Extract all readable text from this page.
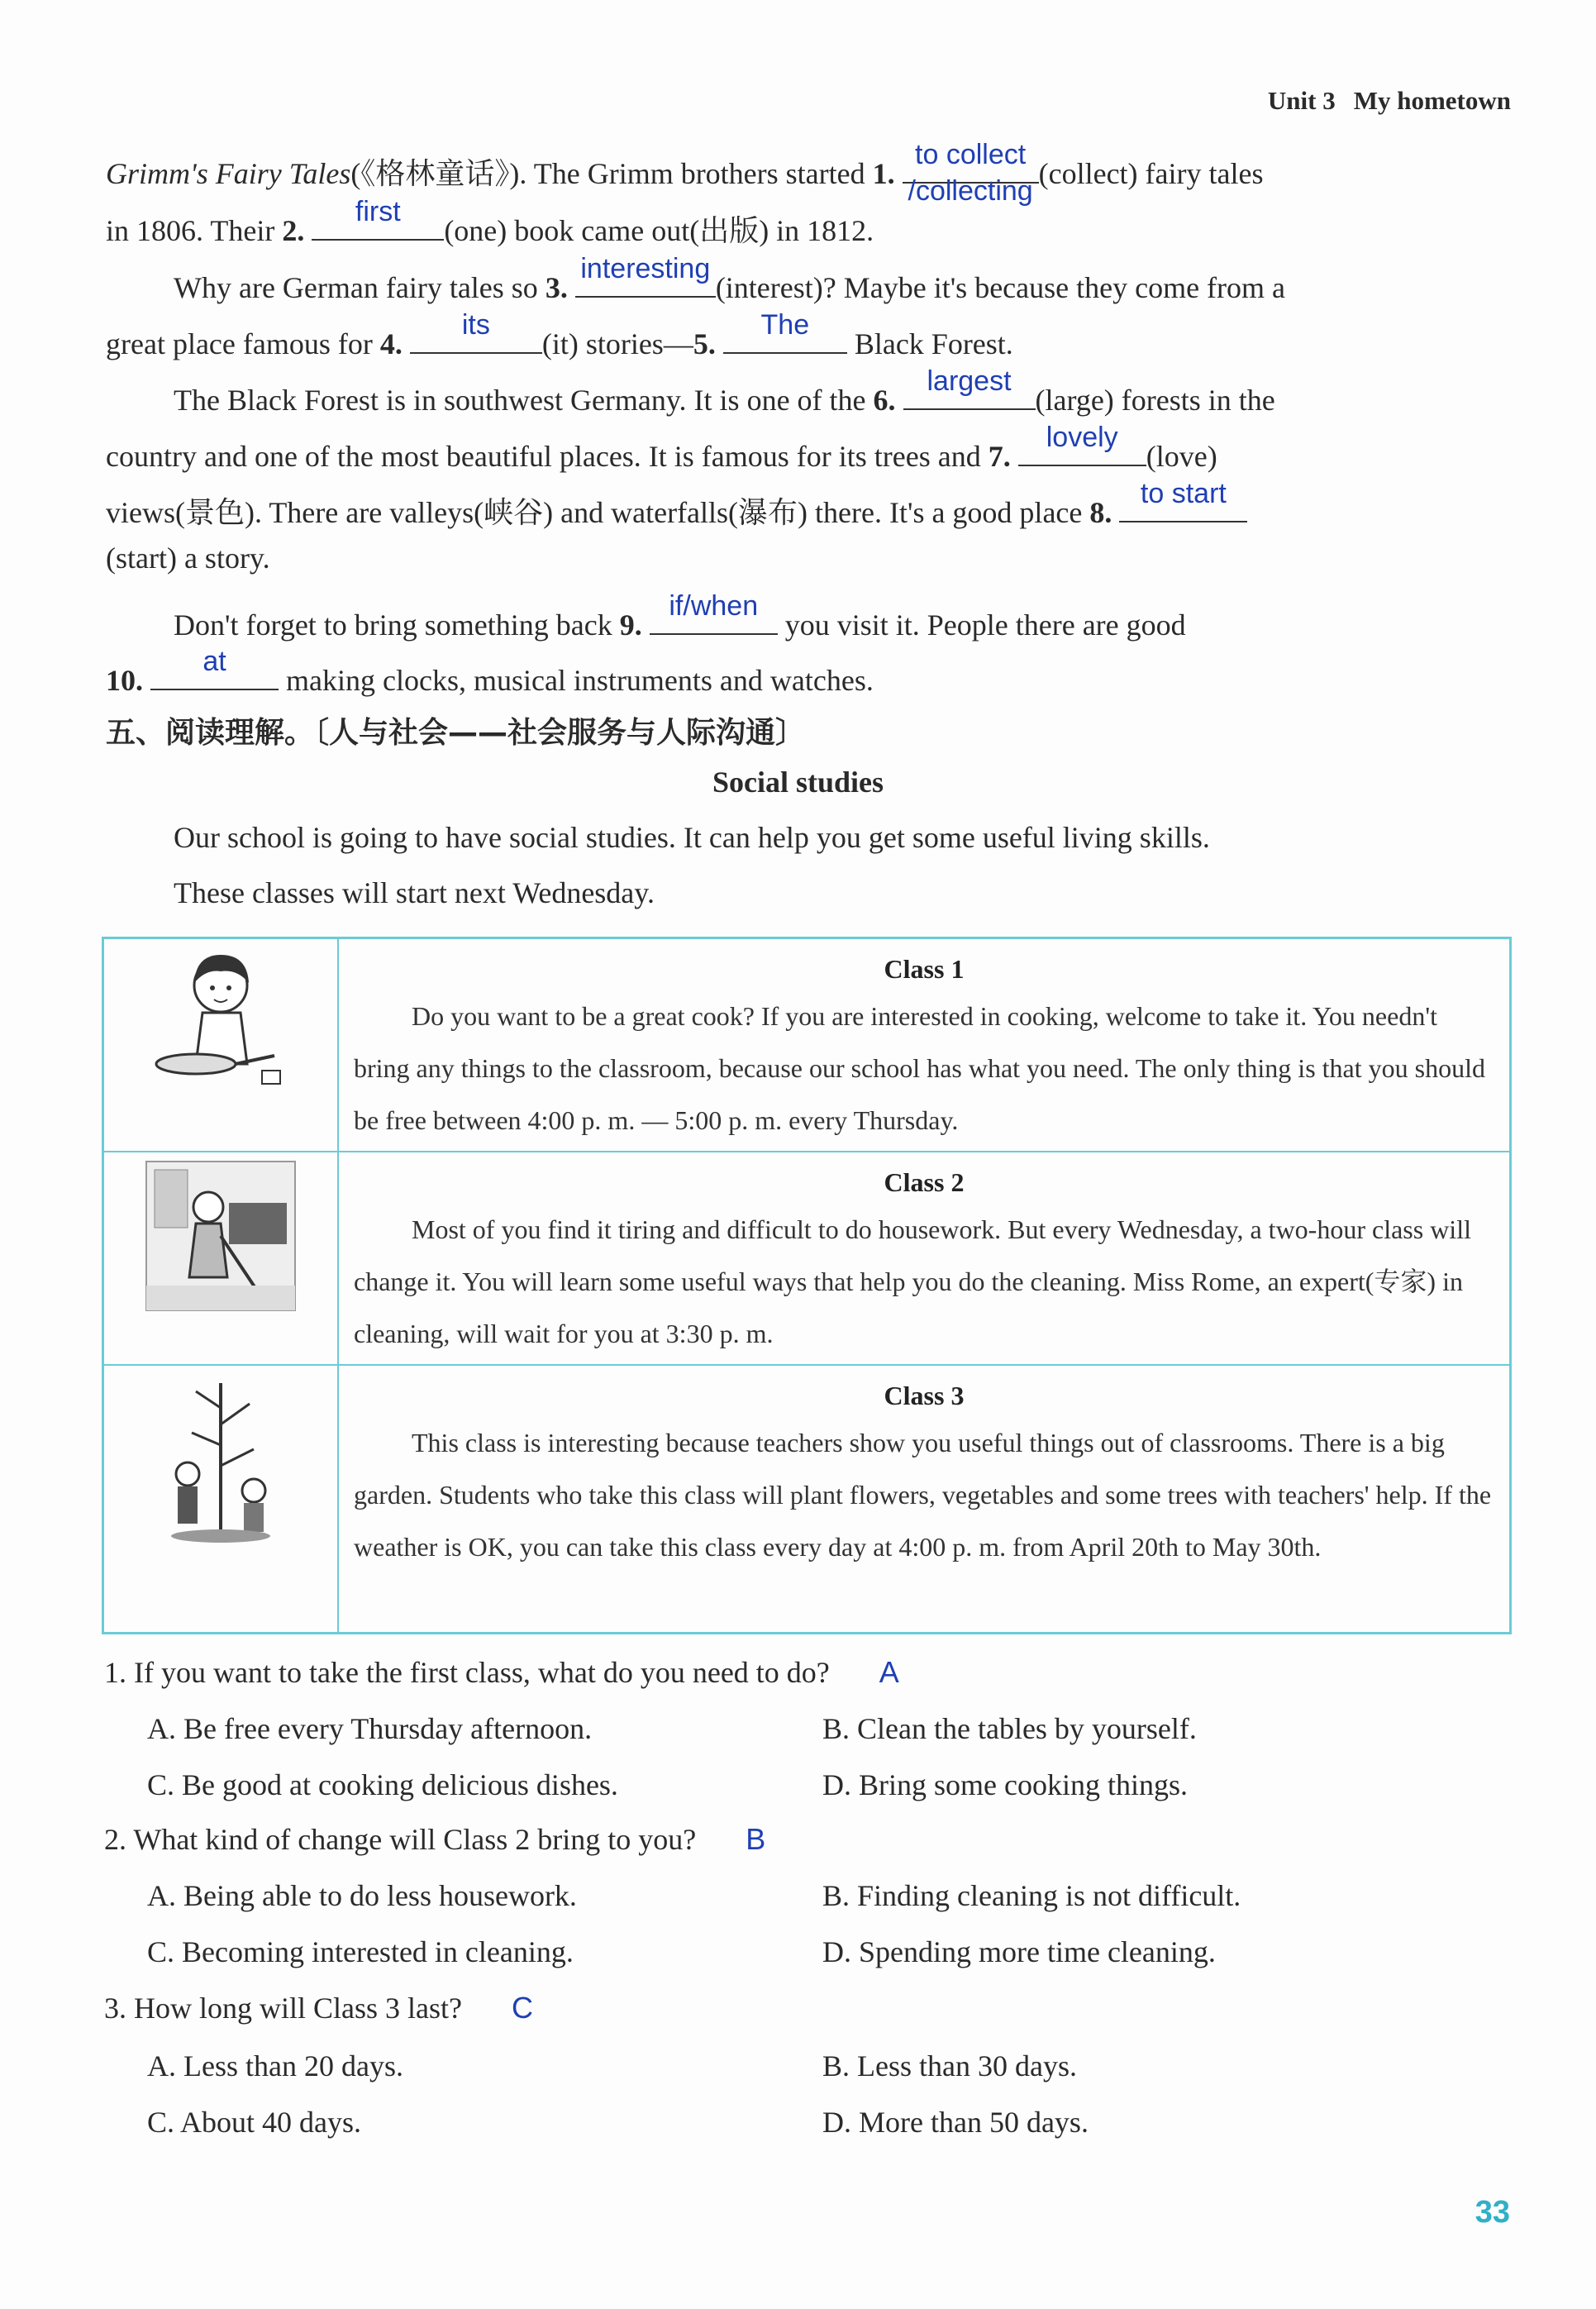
Unit 3 My hometown
Grimm's Fairy Tales(《格林童话》). The Grimm brothers started 1.
to collect
/collecting
(collect) fairy tales
in 1806. Their 2.
first
(one) book came out(出版) in 1812.
Why are German fairy tales so 3.
interesting
(interest)? Maybe it's because they come from a
great place famous for 4.
its
(it) stories—5.
The
Black Forest.
The Black Forest is in southwest Germany. It is one of the 6.
largest
(large) forests in the
country and one of the most beautiful places. It is famous for its trees and 7.
lovely
(love)
views(景色). There are valleys(峡谷) and waterfalls(瀑布) there. It's a good place 8.
to start
(start) a story.
Don't forget to bring something back 9.
if/when
you visit it. People there are good
10.
at
making clocks, musical instruments and watches.
五、阅读理解。〔人与社会——社会服务与人际沟通〕
Social studies
Our school is going to have social studies. It can help you get some useful living skills.
These classes will start next Wednesday.

Class 1
Do you want to be a great cook? If you are interested in cooking, welcome to take it. You needn't bring any things to the classroom, because our school has what you need. The only thing is that you should be free between 4:00 p. m. — 5:00 p. m. every Thursday.

Class 2
Most of you find it tiring and difficult to do housework. But every Wednesday, a two-hour class will change it. You will learn some useful ways that help you do the cleaning. Miss Rome, an expert(专家) in cleaning, will wait for you at 3:30 p. m.

Class 3
This class is interesting because teachers show you useful things out of classrooms. There is a big garden. Students who take this class will plant flowers, vegetables and some trees with teachers' help. If the weather is OK, you can take this class every day at 4:00 p. m. from April 20th to May 30th.
1. If you want to take the first class, what do you need to do? A
A. Be free every Thursday afternoon.	B. Clean the tables by yourself.
C. Be good at cooking delicious dishes.	D. Bring some cooking things.
2. What kind of change will Class 2 bring to you? B
A. Being able to do less housework.	B. Finding cleaning is not difficult.
C. Becoming interested in cleaning.	D. Spending more time cleaning.
3. How long will Class 3 last? C
A. Less than 20 days.	B. Less than 30 days.
C. About 40 days.	D. More than 50 days.
33
